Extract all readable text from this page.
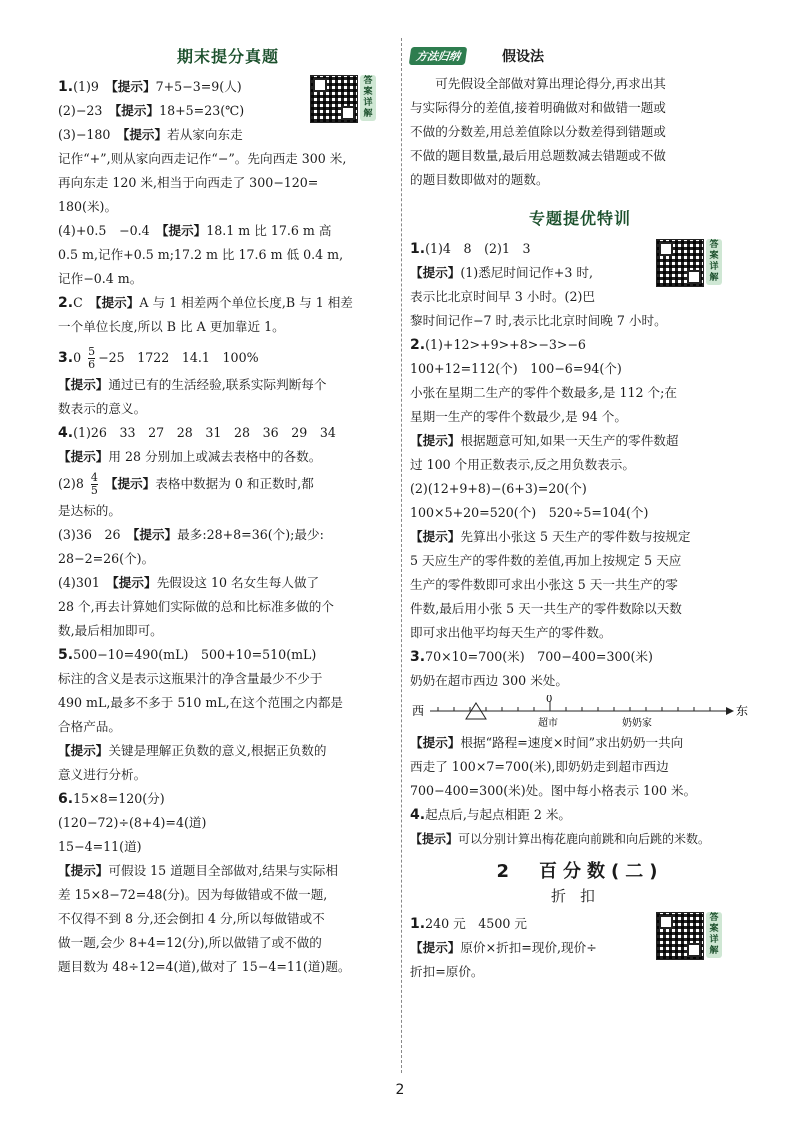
期末提分真题

1.(1)9　【提示】7+5−3=9(人)

(2)−23　【提示】18+5=23(℃)

(3)−180　【提示】若从家向东走

记作“+”,则从家向西走记作“−”。先向西走 300 米,

再向东走 120 米,相当于向西走了 300−120=

180(米)。

(4)+0.5　−0.4　【提示】18.1 m 比 17.6 m 高

0.5 m,记作+0.5 m;17.2 m 比 17.6 m 低 0.4 m,

记作−0.4 m。

答案详解

2.C　【提示】A 与 1 相差两个单位长度,B 与 1 相差

一个单位长度,所以 B 比 A 更加靠近 1。

$3.0 \frac{5}{6} -25$　1722　14.1　100%

【提示】通过已有的生活经验,联系实际判断每个

数表示的意义。

4.(1)26　33　27　28　31　28　36　29　34

【提示】用 28 分别加上或减去表格中的各数。

$(2)8 \frac{4}{5}$ 【提示】表格中数据为 0 和正数时,都

是达标的。

(3)36　26　【提示】最多:28+8=36(个);最少:

28−2=26(个)。

(4)301　【提示】先假设这 10 名女生每人做了

28 个,再去计算她们实际做的总和比标准多做的个

数,最后相加即可。

5.500−10=490(mL)　500+10=510(mL)

标注的含义是表示这瓶果汁的净含量最少不少于

490 mL,最多不多于 510 mL,在这个范围之内都是

合格产品。

【提示】关键是理解正负数的意义,根据正负数的

意义进行分析。

6.15×8=120(分)

(120−72)÷(8+4)=4(道)

15−4=11(道)

【提示】可假设 15 道题目全部做对,结果与实际相

差 15×8−72=48(分)。因为每做错或不做一题,

不仅得不到 8 分,还会倒扣 4 分,所以每做错或不

做一题,会少 8+4=12(分),所以做错了或不做的

题目数为 48÷12=4(道),做对了 15−4=11(道)题。

方法归纳	假设法

可先假设全部做对算出理论得分,再求出其

与实际得分的差值,接着明确做对和做错一题或

不做的分数差,用总差值除以分数差得到错题或

不做的题目数量,最后用总题数减去错题或不做

的题目数即做对的题数。

专题提优特训

1.(1)4　8　(2)1　3

【提示】(1)悉尼时间记作+3 时,

表示比北京时间早 3 小时。(2)巴

黎时间记作−7 时,表示比北京时间晚 7 小时。

答案详解

2.(1)+12>+9>+8>−3>−6

100+12=112(个)　100−6=94(个)

小张在星期二生产的零件个数最多,是 112 个;在

星期一生产的零件个数最少,是 94 个。

【提示】根据题意可知,如果一天生产的零件数超

过 100 个用正数表示,反之用负数表示。

(2)(12+9+8)−(6+3)=20(个)

100×5+20=520(个)　520÷5=104(个)

【提示】先算出小张这 5 天生产的零件数与按规定

5 天应生产的零件数的差值,再加上按规定 5 天应

生产的零件数即可求出小张这 5 天一共生产的零

件数,最后用小张 5 天一共生产的零件数除以天数

即可求出他平均每天生产的零件数。

3.70×10=700(米)　700−400=300(米)

奶奶在超市西边 300 米处。

西
0
超市	奶奶家
东

【提示】根据“路程=速度×时间”求出奶奶一共向

西走了 100×7=700(米),即奶奶走到超市西边

700−400=300(米)处。图中每小格表示 100 米。

4.起点后,与起点相距 2 米。

【提示】可以分别计算出梅花鹿向前跳和向后跳的米数。

2　百分数(二)
折扣

1.240 元　4500 元

【提示】原价×折扣=现价,现价÷

折扣=原价。

答案详解
2
